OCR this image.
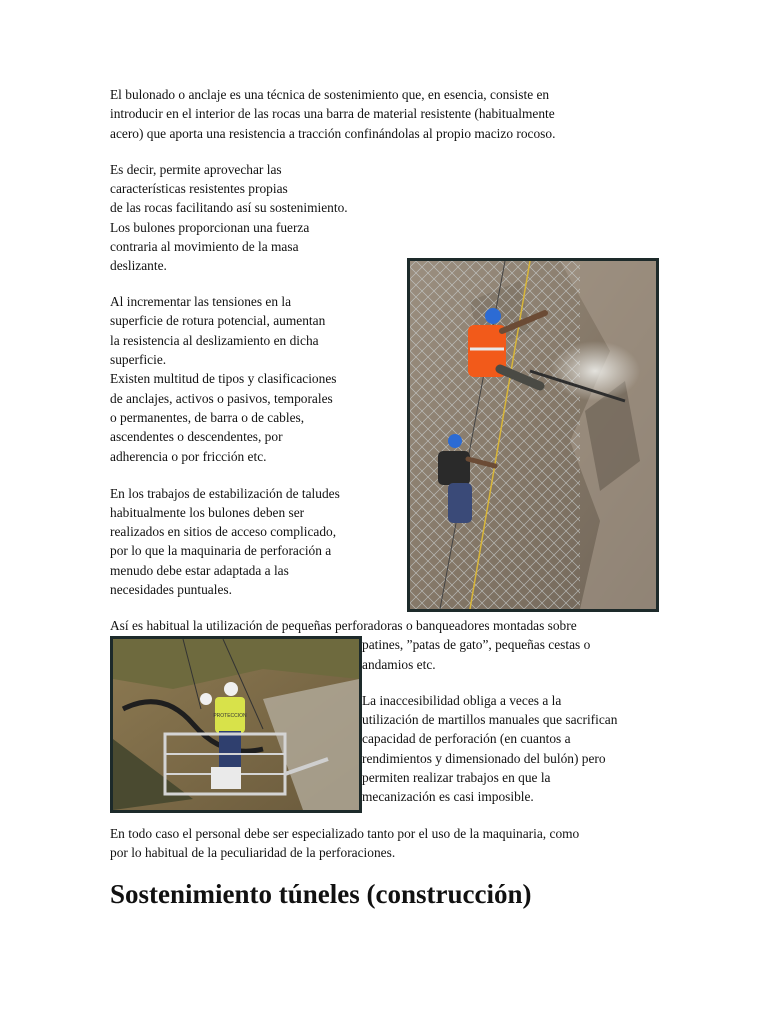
El bulonado o anclaje es una técnica de sostenimiento que, en esencia, consiste en
introducir en el interior de las rocas una barra de material resistente (habitualmente
acero) que aporta una resistencia a tracción confinándolas al propio macizo rocoso.
Es decir, permite aprovechar las
características resistentes propias
de las rocas facilitando así su sostenimiento.
Los bulones proporcionan una fuerza
contraria al movimiento de la masa
deslizante.
Al incrementar las tensiones en la
superficie de rotura potencial, aumentan
la resistencia al deslizamiento en dicha
superficie.
Existen multitud de tipos y clasificaciones
de anclajes, activos o pasivos, temporales
o permanentes, de barra o de cables,
ascendentes o descendentes, por
adherencia o por fricción etc.
En los trabajos de estabilización de taludes
habitualmente los bulones deben ser
realizados en sitios de acceso complicado,
por lo que la maquinaria de perforación a
menudo debe estar adaptada a las
necesidades puntuales.
Así es habitual la utilización de pequeñas perforadoras o banqueadores montadas sobre
patines, ”patas de gato”, pequeñas cestas o
andamios etc.
La inaccesibilidad obliga a veces a la
utilización de martillos manuales que sacrifican
capacidad de perforación (en cuantos a
rendimientos y dimensionado del bulón) pero
permiten realizar trabajos en que la
mecanización es casi imposible.
En todo caso el personal debe ser especializado tanto por el uso de la maquinaria, como
por lo habitual de la peculiaridad de la perforaciones.
Sostenimiento túneles (construcción)
PROTECCION
